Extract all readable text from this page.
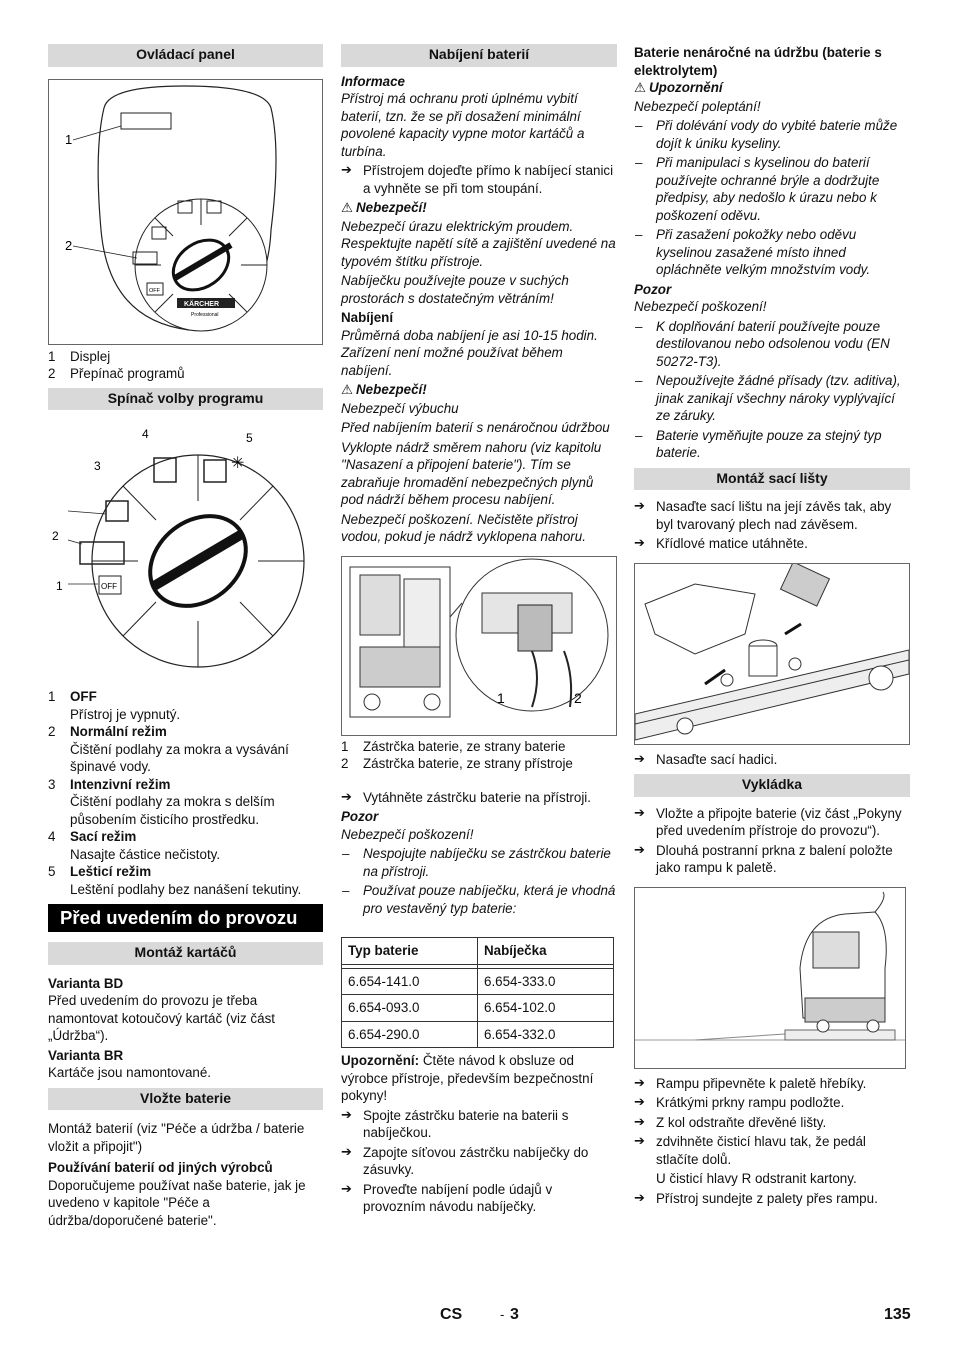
Ovládací panel
OFF
KÄRCHER
Professional
1
2
1	Displej
2	Přepínač programů
Spínač volby programu
OFF
✳
1
2
3
4	5
1	OFF
Přístroj je vypnutý.
2	Normální režim
Čištění podlahy za mokra a vysávání špinavé vody.
3	Intenzivní režim
Čištění podlahy za mokra s delším působením čisticího prostředku.
4	Sací režim
Nasajte částice nečistoty.
5	Lešticí režim
Leštění podlahy bez nanášení tekutiny.
Před uvedením do provozu
Montáž kartáčů
Varianta BD
Před uvedením do provozu je třeba namontovat kotoučový kartáč (viz část „Údržba“).
Varianta BR
Kartáče jsou namontované.
Vložte baterie
Montáž baterií (viz "Péče a údržba / baterie vložit a připojit")
Používání baterií od jiných výrobců
Doporučujeme používat naše baterie, jak je uvedeno v kapitole "Péče a údržba/doporučené baterie".
Nabíjení baterií
Informace
Přístroj má ochranu proti úplnému vybití baterií, tzn. že se při dosažení minimální povolené kapacity vypne motor kartáčů a turbína.
➔ Přístrojem dojeďte přímo k nabíjecí stanici a vyhněte se při tom stoupání.
⚠ Nebezpečí!
Nebezpečí úrazu elektrickým proudem. Respektujte napětí sítě a zajištění uvedené na typovém štítku přístroje.
Nabíječku používejte pouze v suchých prostorách s dostatečným větráním!
Nabíjení
Průměrná doba nabíjení je asi 10-15 hodin. Zařízení není možné používat během nabíjení.
⚠ Nebezpečí!
Nebezpečí výbuchu
Před nabíjením baterií s nenáročnou údržbou
Vyklopte nádrž směrem nahoru (viz kapitolu "Nasazení a připojení baterie"). Tím se zabraňuje hromadění nebezpečných plynů pod nádrží během procesu nabíjení.
Nebezpečí poškození. Nečistěte přístroj vodou, pokud je nádrž vyklopena nahoru.
1	2
1	Zástrčka baterie, ze strany baterie
2	Zástrčka baterie, ze strany přístroje
➔ Vytáhněte zástrčku baterie na přístroji.
Pozor
Nebezpečí poškození!
– Nespojujte nabíječku se zástrčkou baterie na přístroji.
– Používat pouze nabíječku, která je vhodná pro vestavěný typ baterie:
Typ baterie	Nabíječka

6.654-141.0	6.654-333.0
6.654-093.0	6.654-102.0
6.654-290.0	6.654-332.0
Upozornění: Čtěte návod k obsluze od výrobce přístroje, především bezpečnostní pokyny!
➔ Spojte zástrčku baterie na baterii s nabíječkou.
➔ Zapojte síťovou zástrčku nabíječky do zásuvky.
➔ Proveďte nabíjení podle údajů v provozním návodu nabíječky.
Baterie nenáročné na údržbu (baterie s elektrolytem)
⚠ Upozornění
Nebezpečí poleptání!
– Při dolévání vody do vybité baterie může dojít k úniku kyseliny.
– Při manipulaci s kyselinou do baterií používejte ochranné brýle a dodržujte předpisy, aby nedošlo k úrazu nebo k poškození oděvu.
– Při zasažení pokožky nebo oděvu kyselinou zasažené místo ihned opláchněte velkým množstvím vody.
Pozor
Nebezpečí poškození!
– K doplňování baterií používejte pouze destilovanou nebo odsolenou vodu (EN 50272-T3).
– Nepoužívejte žádné přísady (tzv. aditiva), jinak zanikají všechny nároky vyplývající ze záruky.
– Baterie vyměňujte pouze za stejný typ baterie.
Montáž sací lišty
➔ Nasaďte sací lištu na její závěs tak, aby byl tvarovaný plech nad závěsem.
➔ Křídlové matice utáhněte.
➔ Nasaďte sací hadici.
Vykládka
➔ Vložte a připojte baterie (viz část „Pokyny před uvedením přístroje do provozu“).
➔ Dlouhá postranní prkna z balení položte jako rampu k paletě.
➔ Rampu připevněte k paletě hřebíky.
➔ Krátkými prkny rampu podložte.
➔ Z kol odstraňte dřevěné lišty.
➔ zdvihněte čisticí hlavu tak, že pedál stlačíte dolů.
U čisticí hlavy R odstranit kartony.
➔ Přístroj sundejte z palety přes rampu.
CS	- 3	135
